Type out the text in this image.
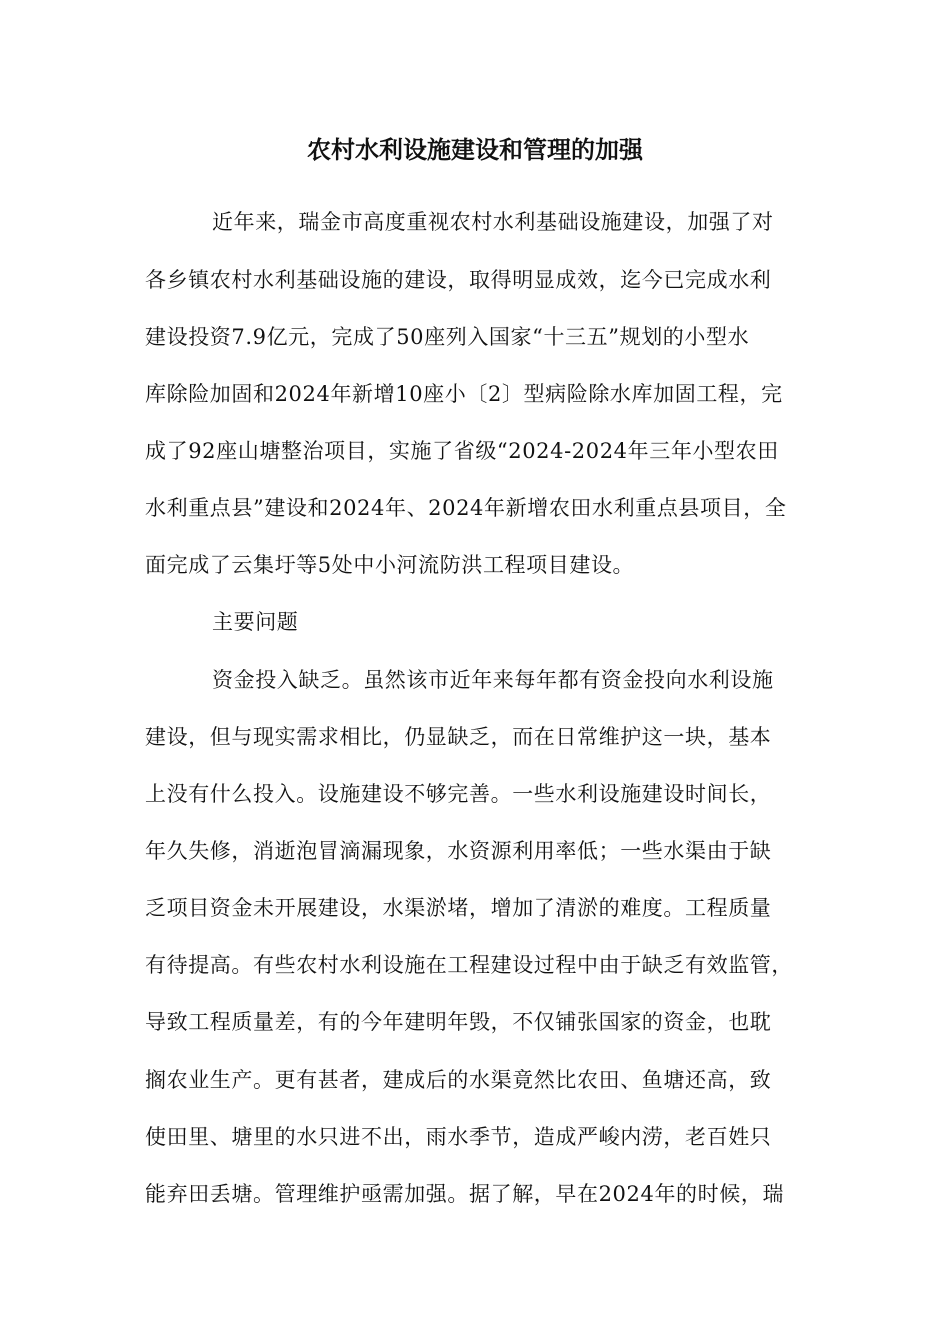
农村水利设施建设和管理的加强
近年来，瑞金市高度重视农村水利基础设施建设，加强了对
各乡镇农村水利基础设施的建设，取得明显成效，迄今已完成水利
建设投资7.9亿元，完成了50座列入国家“十三五”规划的小型水
库除险加固和2024年新增10座小〔2〕型病险除水库加固工程，完
成了92座山塘整治项目，实施了省级“2024-2024年三年小型农田
水利重点县”建设和2024年、2024年新增农田水利重点县项目，全
面完成了云集圩等5处中小河流防洪工程项目建设。
主要问题
资金投入缺乏。虽然该市近年来每年都有资金投向水利设施
建设，但与现实需求相比，仍显缺乏，而在日常维护这一块，基本
上没有什么投入。设施建设不够完善。一些水利设施建设时间长，
年久失修，消逝泡冒滴漏现象，水资源利用率低；一些水渠由于缺
乏项目资金未开展建设，水渠淤堵，增加了清淤的难度。工程质量
有待提高。有些农村水利设施在工程建设过程中由于缺乏有效监管，
导致工程质量差，有的今年建明年毁，不仅铺张国家的资金，也耽
搁农业生产。更有甚者，建成后的水渠竟然比农田、鱼塘还高，致
使田里、塘里的水只进不出，雨水季节，造成严峻内涝，老百姓只
能弃田丢塘。管理维护亟需加强。据了解，早在2024年的时候，瑞
